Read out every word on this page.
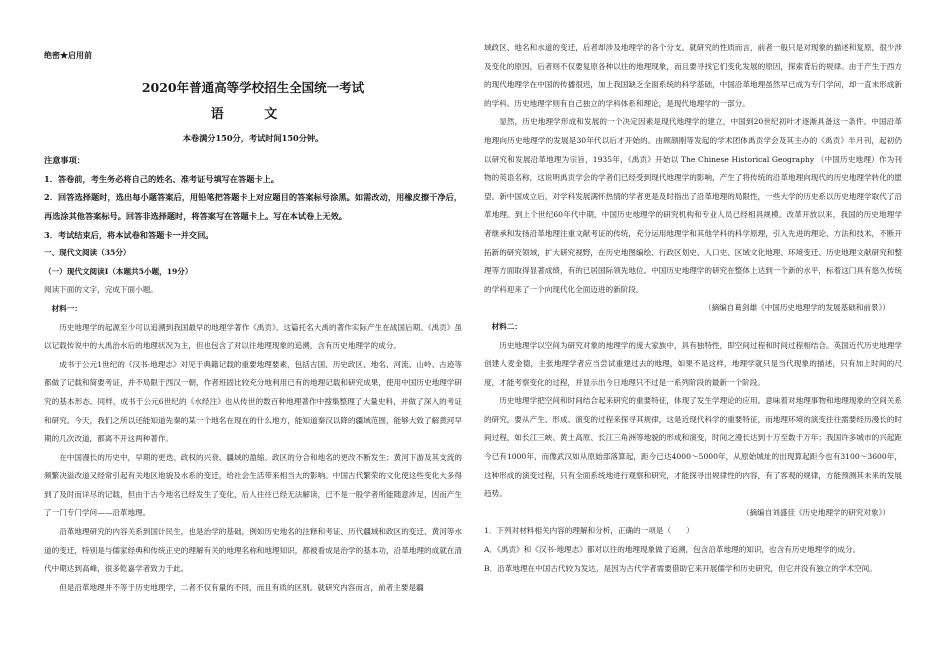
绝密★启用前
2020年普通高等学校招生全国统一考试
语 文
本卷满分150分，考试时间150分钟。
注意事项：

1．答卷前，考生务必将自己的姓名、准考证号填写在答题卡上。

2．回答选择题时，选出每小题答案后，用铅笔把答题卡上对应题目的答案标号涂黑。如需改动，用橡皮擦干净后，再选涂其他答案标号。回答非选择题时，将答案写在答题卡上。写在本试卷上无效。

3．考试结束后，将本试卷和答题卡一并交回。

一、现代文阅读（35分）
（一）现代文阅读Ⅰ（本题共5小题，19分）
阅读下面的文字，完成下面小题。
材料一：

历史地理学的起源至少可以追溯到我国最早的地理学著作《禹贡》。这篇托名大禹的著作实际产生在战国后期。《禹贡》虽以记载传说中的大禹治水后的地理状况为主，但也包含了对以往地理现象的追溯，含有历史地理学的成分。

成书于公元1世纪的《汉书·地理志》对见于典籍记载的重要地理要素，包括古国、历史政区、地名、河流、山岭、古迹等都做了记载和简要考证，并不局限于西汉一朝，作者班固比较充分地利用已有的地理记载和研究成果，使用中国历史地理学研究的基本形态。同样，成书于公元6世纪的《水经注》也从传世的数百种地理著作中搜集整理了大量史料，并做了深入的考证和研究。今天，我们之所以还能知道先秦的某一个地名在现在的什么地方，能知道秦汉以降的疆域范围，能够大致了解黄河早期的几次改道，都离不开这两种著作。

在中国漫长的历史中，早期的更迭、政权的兴衰、疆域的盈缩、政区的分合和地名的更改不断发生；黄河下游及其支流的频繁决溢改道又经常引起有关地区地貌及水系的变迁，给社会生活带来相当大的影响。中国古代繁荣的文化使这些变化大多得到了及时而详尽的记载，但由于古今地名已经发生了变化，后人往往已经无法解读，已不是一般学者所能随意涉足，因而产生了一门专门学问——沿革地理。

沿革地理研究的内容关系到国计民生，也是治学的基础，例如历史地名的注释和考证、历代疆域和政区的变迁、黄河等水道的变迁，特别是与儒家经典和传统正史的理解有关的地理名称和地理知识，都被看成是治学的基本功，沿革地理的成就在清代中期达到高峰，很多乾嘉学者致力于此。

但是沿革地理并不等于历史地理学，二者不仅有量的不同，而且有质的区别。就研究内容而言，前者主要是疆

域政区、地名和水道的变迁，后者却涉及地理学的各个分支。就研究的性质而言，前者一般只是对现象的描述和复原，很少涉及变化的原因，后者则不仅要复原各种以往的地理现象，而且要寻找它们变化发展的原因，探索背后的规律。由于产生于西方的现代地理学在中国的传播很迟，加上我国缺乏全面系统的科学基础，中国沿革地理虽然早已成为专门学问，却一直未形成新的学科。历史地理学则有自己独立的学科体系和理论，是现代地理学的一部分。

显然，历史地理学形成和发展的一个决定因素是现代地理学的建立，中国到20世纪初叶才逐渐具备这一条件。中国沿革地理向历史地理学的发展是30年代以后才开始的。由顾颉刚等发起的学术团体禹贡学会及其主办的《禹贡》半月刊，起初仍以研究和发展沿革地理为宗旨，1935年，《禹贡》开始以 The Chinese Historical Geography （中国历史地理）作为刊物的英语名称，这说明禹贡学会的学者们已经受到现代地理学的影响，产生了将传统的沿革地理向现代的历史地理学转化的愿望。新中国成立后，对学科发展满怀热情的学者更是及时指出了沿革地理的局限性，一些大学的历史系以历史地理学取代了沿革地理。到上个世纪60年代中期，中国历史地理学的研究机构和专业人员已经相具规模。改革开放以来，我国的历史地理学者继承和发扬沿革地理注重文献考证的传统，充分运用地理学和其他学科的科学原理，引入先进的理论、方法和技术，不断开拓新的研究领域，扩大研究视野，在历史地图编绘、行政区划史、人口史、区域文化地理、环境变迁、历史地理文献研究和整理等方面取得显著成绩，有的已居国际领先地位。中国历史地理学的研究在整体上达到一个新的水平，标着这门具有悠久传统的学科迎来了一个向现代化全面迈进的新阶段。

（摘编自葛剑雄《中国历史地理学的发展基础和前景》）
材料二：

历史地理学以空间为研究对象的地理学的庞大家族中，具有独特性，即空间过程和时间过程相结合。英国近代历史地理学创建人麦金德，主张地理学者应当尝试重建过去的地理，如果不是这样，地理学就只是当代现象的描述，只有加上时间的尺度，才能考察变化的过程，并显示出今日地理只不过是一系列阶段的最新一个阶段。

历史地理学把空间和时间结合起来研究的重要特征，体现了发生学理论的应用。意味着对地理事物和地理现象的空间关系的研究，要从产生、形成、演变的过程来探寻其规律，这是近现代科学的重要特征，而地理环境的演变往往需要经历漫长的时间过程，如长江三峡、黄土高原、长江三角洲等地貌的形成和演变，时间之漫长达到十万至数千万年；我国许多城市的兴起距今已有1000年，而像武汉如从原始部落算起，距今已达4000～5000年，从原始城址的出现算起距今也有3100～3600年，这种形成的演变过程，只有全面系统地进行观察和研究，才能探寻出规律性的内容，有了客观的规律，方能预测其未来的发展趋势。

（摘编自刘盛佳《历史地理学的研究对象》）

1．下列对材料相关内容的理解和分析，正确的一项是（　　）

A．《禹贡》和《汉书·地理志》都对以往的地理现象做了追溯，包含沿革地理的知识，也含有历史地理学的成分。

B．沿革地理在中国古代较为发达，是因为古代学者需要借助它来开展儒学和历史研究，但它并没有独立的学术空间。
